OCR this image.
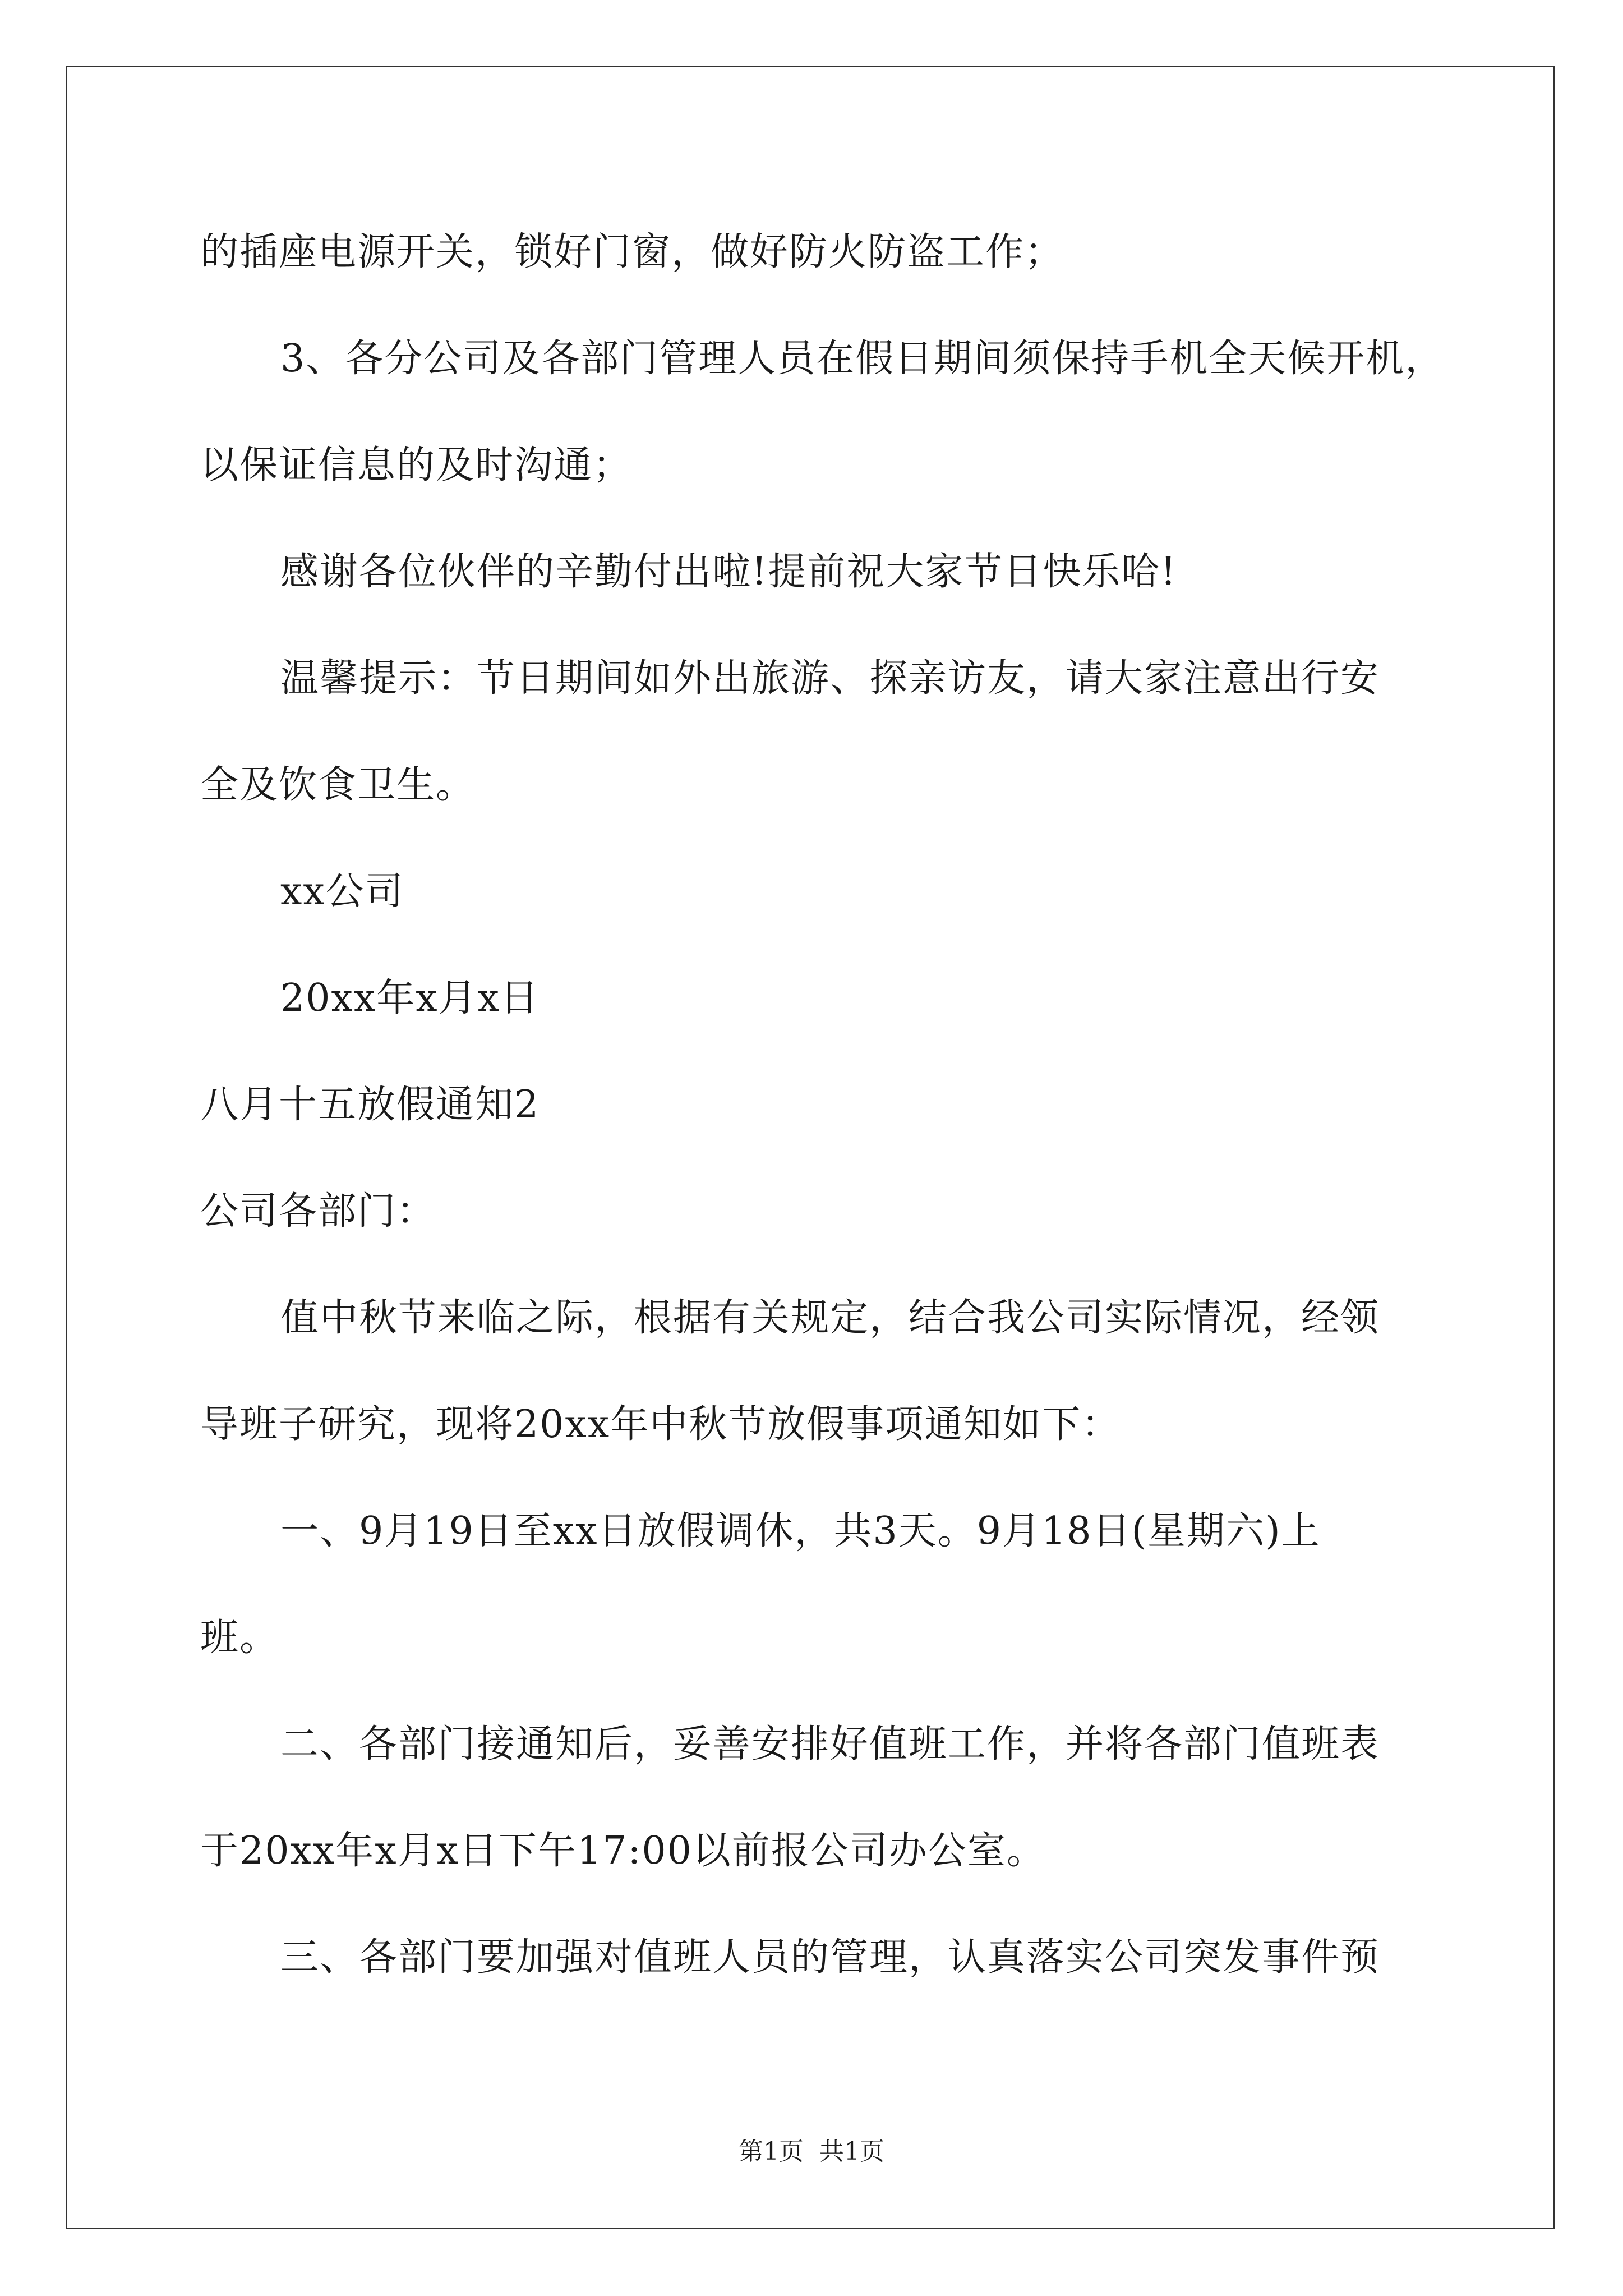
的插座电源开关，锁好门窗，做好防火防盗工作；
3、各分公司及各部门管理人员在假日期间须保持手机全天候开机，
以保证信息的及时沟通；
感谢各位伙伴的辛勤付出啦!提前祝大家节日快乐哈!
温馨提示：节日期间如外出旅游、探亲访友，请大家注意出行安
全及饮食卫生。
xx公司
20xx年x月x日
八月十五放假通知2
公司各部门：
值中秋节来临之际，根据有关规定，结合我公司实际情况，经领
导班子研究，现将20xx年中秋节放假事项通知如下：
一、9月19日至xx日放假调休，共3天。9月18日(星期六)上
班。
二、各部门接通知后，妥善安排好值班工作，并将各部门值班表
于20xx年x月x日下午17:00以前报公司办公室。
三、各部门要加强对值班人员的管理，认真落实公司突发事件预
第1页  共1页
